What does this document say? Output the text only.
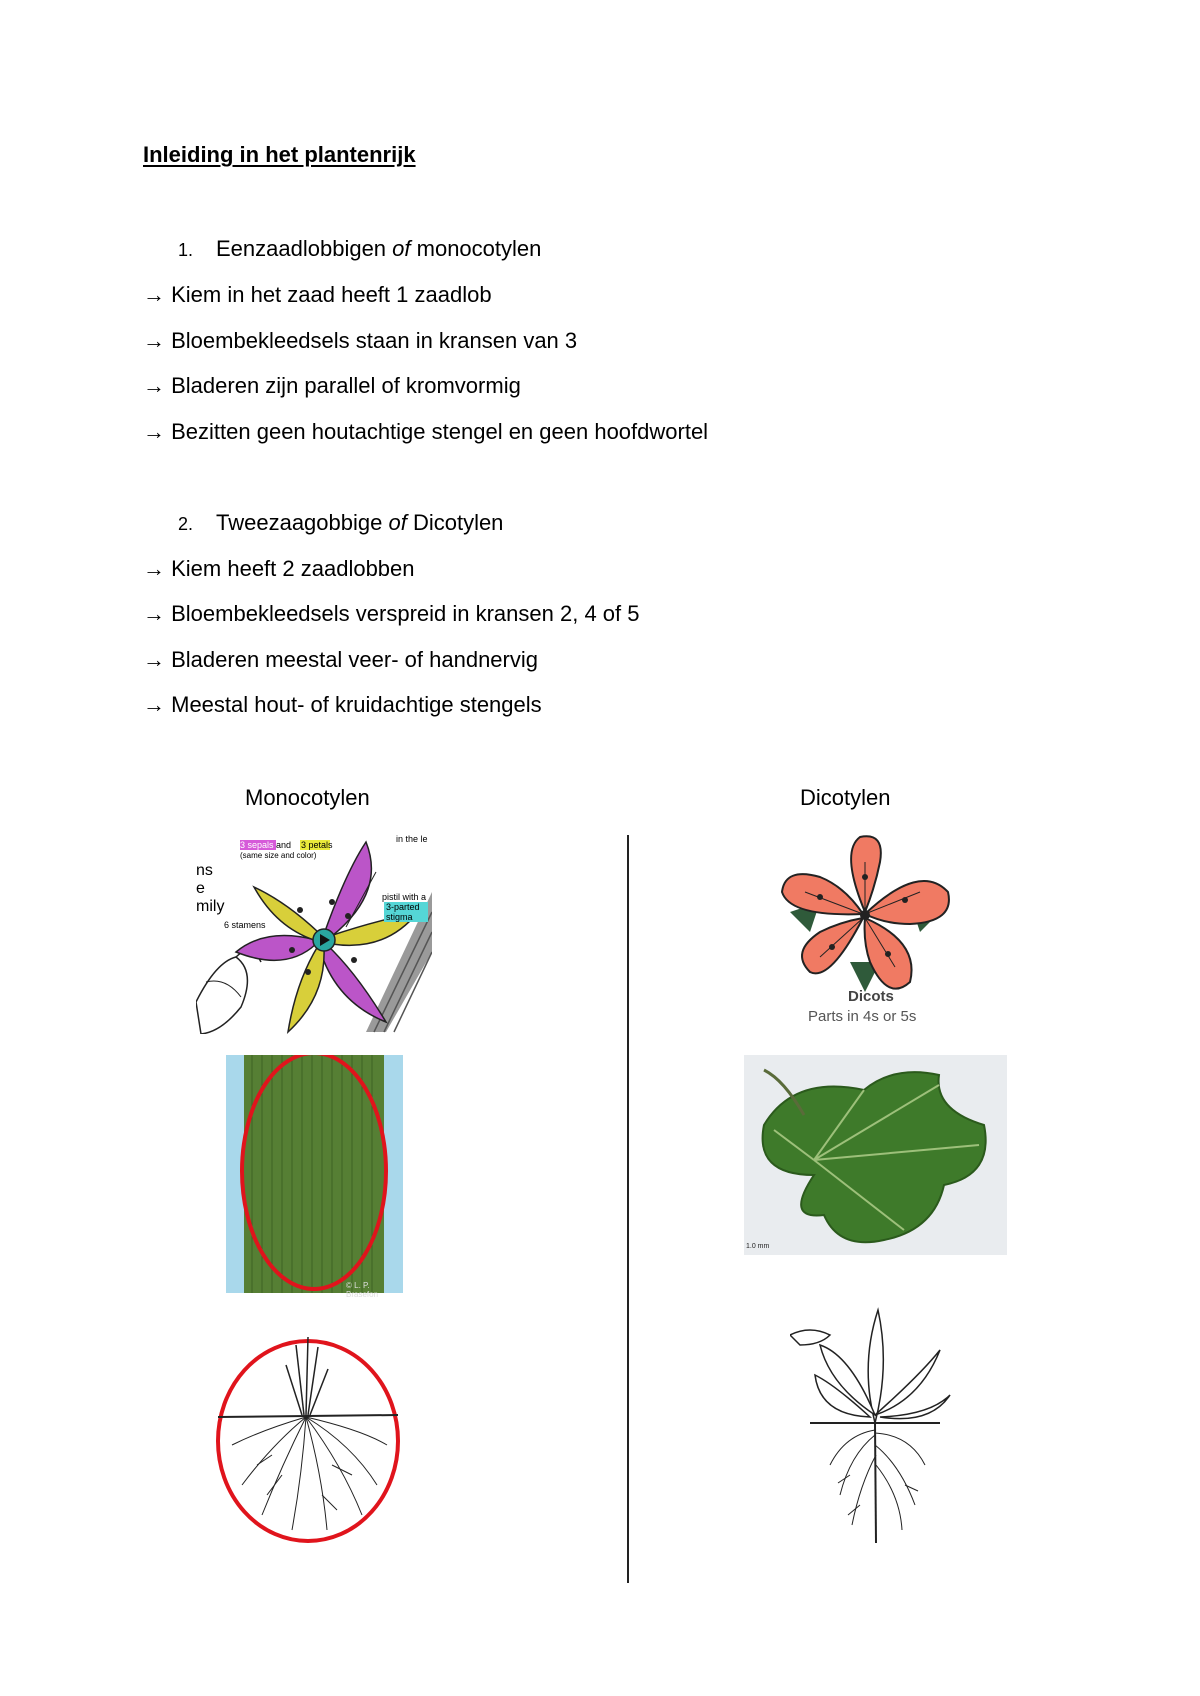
Inleiding in het plantenrijk
1. Eenzaadlobbigen of monocotylen
→ Kiem in het zaad heeft 1 zaadlob
→ Bloembekleedsels staan in kransen van 3
→ Bladeren zijn parallel of kromvormig
→ Bezitten geen houtachtige stengel en geen hoofdwortel
2. Tweezaagobbige of Dicotylen
→ Kiem heeft 2 zaadlobben
→ Bloembekleedsels verspreid in kransen 2, 4 of 5
→ Bladeren meestal veer- of handnervig
→ Meestal hout- of kruidachtige stengels
Monocotylen	Dicotylen
3 sepals and 3 petals
(same size and color)
in the le
ns
e
mily
6 stamens
pistil with a
3-parted
stigma
Dicots
Parts in 4s or 5s
© L. P. Brasefon
1.0 mm
